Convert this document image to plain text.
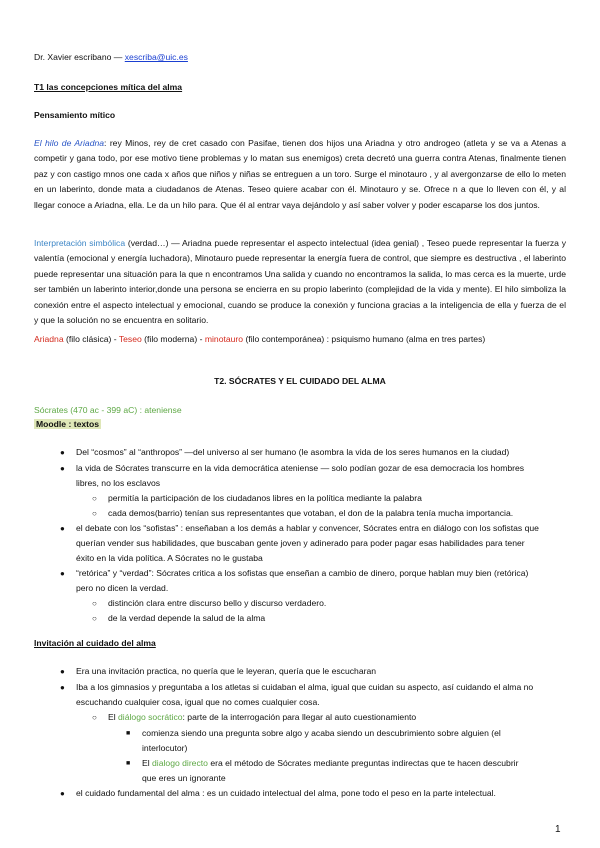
Dr. Xavier escribano — xescriba@uic.es

T1 las concepciones mítica del alma

Pensamiento mítico

El hilo de Ariadna: rey Minos, rey de cret casado con Pasifae, tienen dos hijos una Ariadna y otro androgeo (atleta y se va a Atenas a competir y gana todo, por ese motivo tiene problemas y lo matan sus enemigos) creta decretó una guerra contra Atenas, finalmente tienen paz y con castigo mnos one cada x años que niños y niñas se entreguen a un toro. Surge el minotauro , y al avergonzarse de ello lo meten en un laberinto, donde mata a ciudadanos de Atenas. Teseo quiere acabar con él. Minotauro y se. Ofrece n a que lo lleven con él, y al llegar conoce a Ariadna, ella. Le da un hilo para. Que él al entrar vaya dejándolo y así saber volver y poder escaparse los dos juntos.

Interpretación simbólica (verdad…) — Ariadna puede representar el aspecto intelectual (idea genial) , Teseo puede representar la fuerza y valentía (emocional y energía luchadora), Minotauro puede representar la energía fuera de control, que siempre es destructiva , el laberinto puede representar una situación para la que n encontramos Una salida y cuando no encontramos la salida, lo mas cerca es la muerte, urde ser también un laberinto interior,donde una persona se encierra en su propio laberinto (complejidad de la vida y mente). El hilo simboliza la conexión entre el aspecto intelectual y emocional, cuando se produce la conexión y funciona gracias a la inteligencia de ella y fuerza de el y que la solución no se encuentra en solitario.

Ariadna (filo clásica) - Teseo (filo moderna) - minotauro (filo contemporánea) : psiquismo humano (alma en tres partes)

T2. SÓCRATES Y EL CUIDADO DEL ALMA

Sócrates (470 ac - 399 aC) : ateniense

Moodle : textos

● Del “cosmos” al “anthropos” —del universo al ser humano (le asombra la vida de los seres humanos en la ciudad)

● la vida de Sócrates transcurre en la vida democrática ateniense — solo podían gozar de esa democracia los hombres

libres, no los esclavos

○ permitía la participación de los ciudadanos libres en la política mediante la palabra

○ cada demos(barrio) tenían sus representantes que votaban, el don de la palabra tenía mucha importancia.

● el debate con los “sofistas” : enseñaban a los demás a hablar y convencer, Sócrates entra en diálogo con los sofistas que

querían vender sus habilidades, que buscaban gente joven y adinerado para poder pagar esas habilidades para tener

éxito en la vida política. A Sócrates no le gustaba

● “retórica” y “verdad”: Sócrates critica a los sofistas que enseñan a cambio de dinero, porque hablan muy bien (retórica)

pero no dicen la verdad.

○ distinción clara entre discurso bello y discurso verdadero.

○ de la verdad depende la salud de la alma

Invitación al cuidado del alma

● Era una invitación practica, no quería que le leyeran, quería que le escucharan

● Iba a los gimnasios y preguntaba a los atletas si cuidaban el alma, igual que cuidan su aspecto, así cuidando el alma no

escuchando cualquier cosa, igual que no comes cualquier cosa.

○ El diálogo socrático: parte de la interrogación para llegar al auto cuestionamiento

■ comienza siendo una pregunta sobre algo y acaba siendo un descubrimiento sobre alguien (el

interlocutor)

■ El dialogo directo era el método de Sócrates mediante preguntas indirectas que te hacen descubrir

que eres un ignorante

● el cuidado fundamental del alma : es un cuidado intelectual del alma, pone todo el peso en la parte intelectual.

1
